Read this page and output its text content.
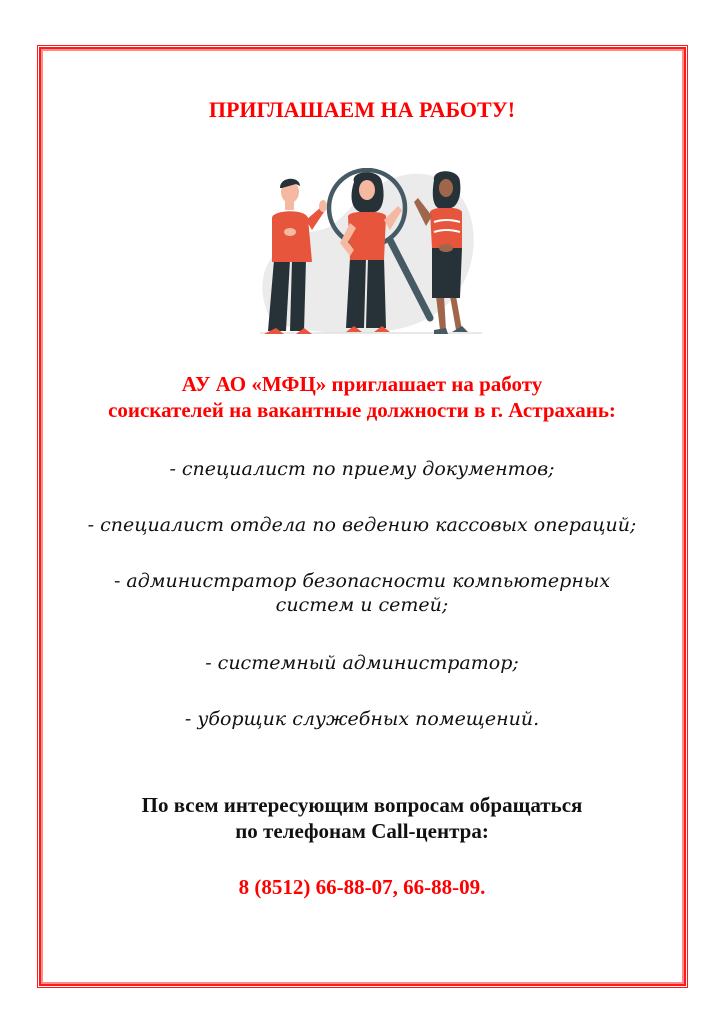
ПРИГЛАШАЕМ НА РАБОТУ!
АУ АО «МФЦ» приглашает на работу
соискателей на вакантные должности в г. Астрахань:
- специалист по приему документов;
- специалист отдела по ведению кассовых операций;
- администратор безопасности компьютерных
систем и сетей;
- системный администратор;
- уборщик служебных помещений.
По всем интересующим вопросам обращаться
по телефонам Call-центра:
8 (8512) 66-88-07, 66-88-09.
